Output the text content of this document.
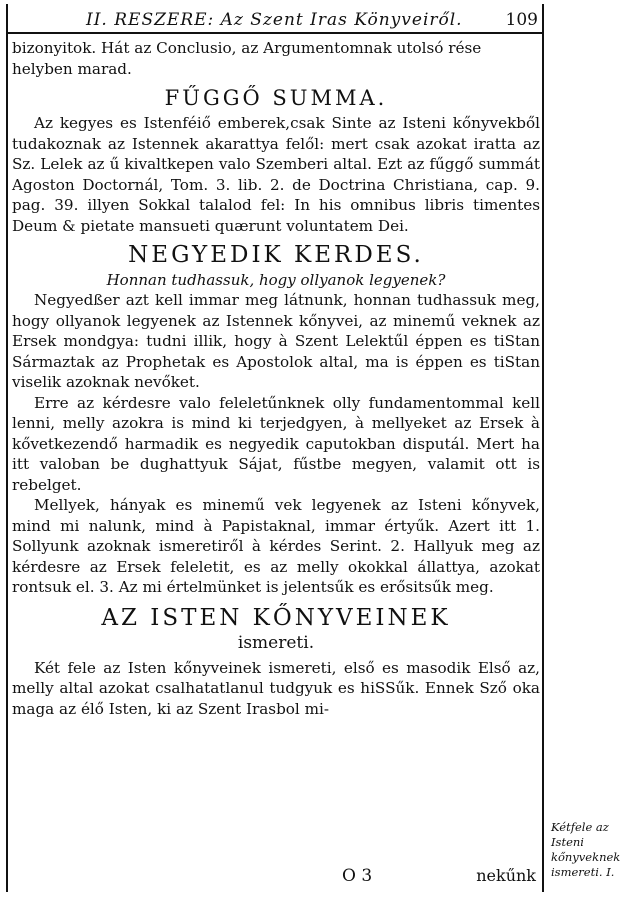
II. RESZERE: Az Szent Iras Könyveiről.	109

bizonyitok. Hát az Conclusio, az Argumentomnak utolsó rése

helyben marad.

FŰGGŐ SUMMA.

Az kegyes es Istenféiő emberek,csak Sinte az Isteni kőnyvekből tudakoznak az Istennek akarattya felől: mert csak azokat iratta az Sz. Lelek az ű kivaltkepen valo Szemberi altal. Ezt az fűggő summát Agoston Doctornál, Tom. 3. lib. 2. de Doctrina Christiana, cap. 9. pag. 39. illyen Sokkal talalod fel: In his omnibus libris timentes Deum & pietate mansueti quærunt voluntatem Dei.

NEGYEDIK KERDES.
Honnan tudhassuk, hogy ollyanok legyenek?

Negyedßer azt kell immar meg látnunk, honnan tudhassuk meg, hogy ollyanok legyenek az Istennek kőnyvei, az minemű veknek az Ersek mondgya: tudni illik, hogy à Szent Lelektűl éppen es tiStan Sármaztak az Prophetak es Apostolok altal, ma is éppen es tiStan viselik azoknak nevőket.

Erre az kérdesre valo feleletűnknek olly fundamentommal kell lenni, melly azokra is mind ki terjedgyen, à mellyeket az Ersek à kővetkezendő harmadik es negyedik caputokban disputál. Mert ha itt valoban be dughattyuk Sájat, fűstbe megyen, valamit ott is rebelget.

Mellyek, hányak es minemű vek legyenek az Isteni kőnyvek, mind mi nalunk, mind à Papistaknal, immar értyűk. Azert itt 1. Sollyunk azoknak ismeretiről à kérdes Serint. 2. Hallyuk meg az kérdesre az Ersek feleletit, es az melly okokkal állattya, azokat rontsuk el. 3. Az mi értelmünket is jelentsűk es erősitsűk meg.

AZ ISTEN KŐNYVEINEK
ismereti.

Két fele az Isten kőnyveinek ismereti, első es masodik Első az, melly altal azokat csalhatatlanul tudgyuk es hiSSűk. Ennek Sző oka maga az élő Isten, ki az Szent Irasbol mi-

Kétfele az Isteni kőnyveknek ismereti. I.
O 3	nekűnk
